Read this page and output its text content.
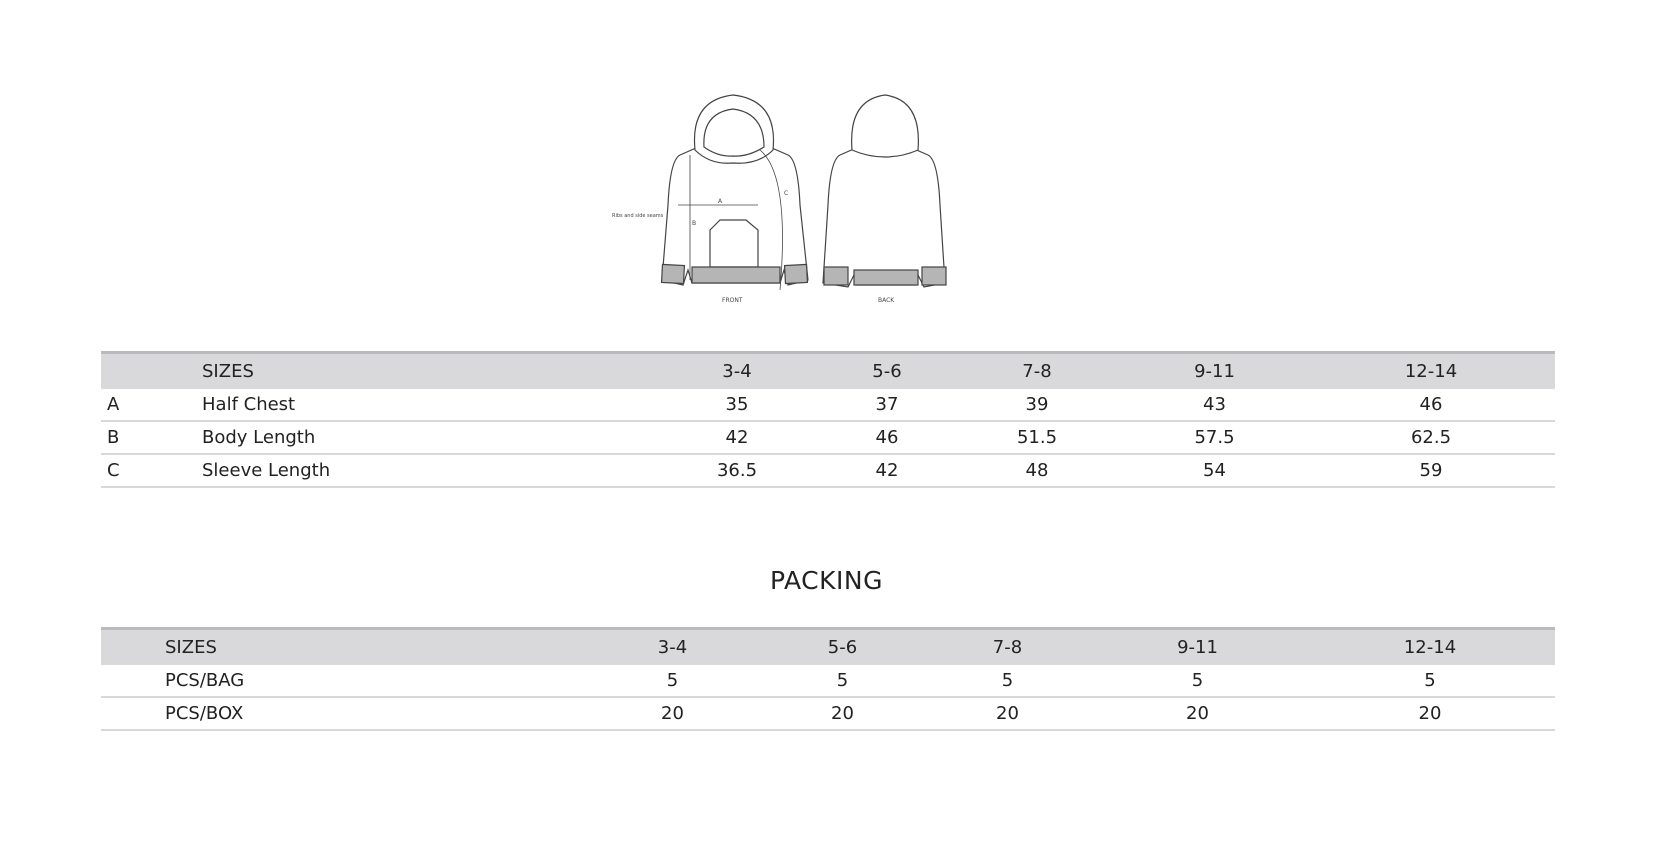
Ribs and side seams
A
B
C
FRONT	BACK
	SIZES	3-4	5-6	7-8	9-11	12-14
A	Half Chest	35	37	39	43	46
B	Body Length	42	46	51.5	57.5	62.5
C	Sleeve Length	36.5	42	48	54	59
PACKING
	SIZES	3-4	5-6	7-8	9-11	12-14
	PCS/BAG	5	5	5	5	5
	PCS/BOX	20	20	20	20	20
